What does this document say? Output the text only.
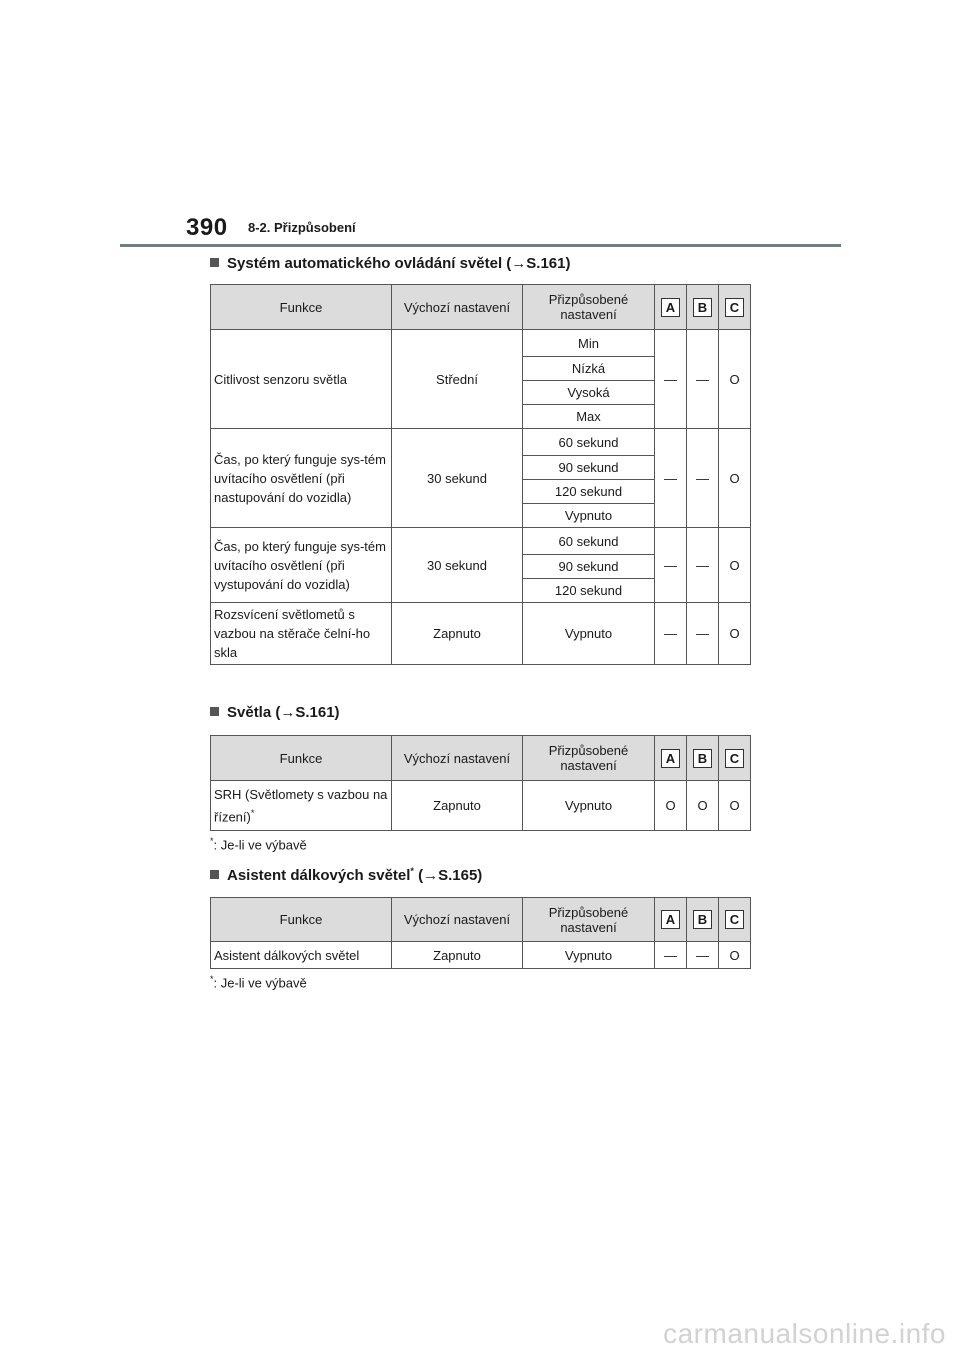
390 8-2. Přizpůsobení
Systém automatického ovládání světel (→S.161)
Funkce	Výchozí nastavení	Přizpůsobené nastavení	A	B	C
Citlivost senzoru světla	Střední	Min	—	—	O
		Nízká			
		Vysoká			
		Max			
Čas, po který funguje sys-tém uvítacího osvětlení (při nastupování do vozidla)	30 sekund	60 sekund	—	—	O
		90 sekund			
		120 sekund			
		Vypnuto			
Čas, po který funguje sys-tém uvítacího osvětlení (při vystupování do vozidla)	30 sekund	60 sekund	—	—	O
		90 sekund			
		120 sekund			
Rozsvícení světlometů s vazbou na stěrače čelní-ho skla	Zapnuto	Vypnuto	—	—	O
Světla (→S.161)
Funkce	Výchozí nastavení	Přizpůsobené nastavení	A	B	C
SRH (Světlomety s vazbou na řízení)*	Zapnuto	Vypnuto	O	O	O
*: Je-li ve výbavě
Asistent dálkových světel* (→S.165)
Funkce	Výchozí nastavení	Přizpůsobené nastavení	A	B	C
Asistent dálkových světel	Zapnuto	Vypnuto	—	—	O
*: Je-li ve výbavě
carmanualsonline.info
